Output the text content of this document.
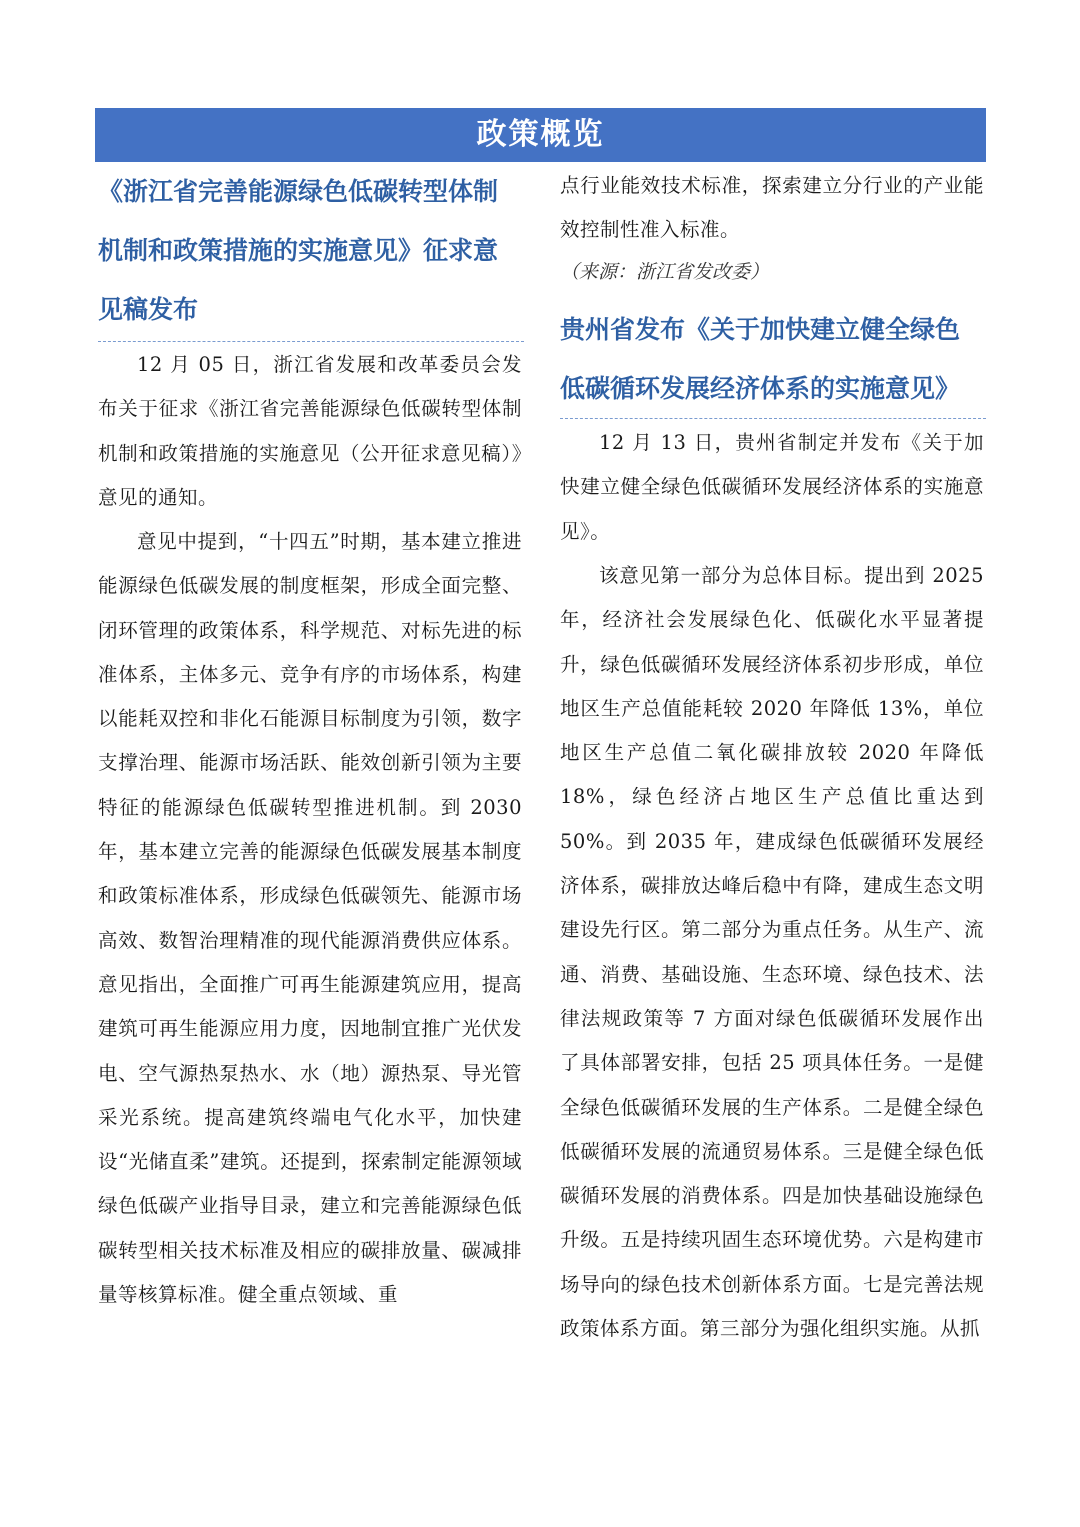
政策概览
《浙江省完善能源绿色低碳转型体制机制和政策措施的实施意见》征求意见稿发布

12 月 05 日，浙江省发展和改革委员会发布关于征求《浙江省完善能源绿色低碳转型体制机制和政策措施的实施意见（公开征求意见稿）》意见的通知。

意见中提到，“十四五”时期，基本建立推进能源绿色低碳发展的制度框架，形成全面完整、闭环管理的政策体系，科学规范、对标先进的标准体系，主体多元、竞争有序的市场体系，构建以能耗双控和非化石能源目标制度为引领，数字支撑治理、能源市场活跃、能效创新引领为主要特征的能源绿色低碳转型推进机制。到 2030 年，基本建立完善的能源绿色低碳发展基本制度和政策标准体系，形成绿色低碳领先、能源市场高效、数智治理精准的现代能源消费供应体系。意见指出，全面推广可再生能源建筑应用，提高建筑可再生能源应用力度，因地制宜推广光伏发电、空气源热泵热水、水（地）源热泵、导光管采光系统。提高建筑终端电气化水平，加快建设“光储直柔”建筑。还提到，探索制定能源领域绿色低碳产业指导目录，建立和完善能源绿色低碳转型相关技术标准及相应的碳排放量、碳减排量等核算标准。健全重点领域、重

点行业能效技术标准，探索建立分行业的产业能效控制性准入标准。

（来源：浙江省发改委）

贵州省发布《关于加快建立健全绿色低碳循环发展经济体系的实施意见》

12 月 13 日，贵州省制定并发布《关于加快建立健全绿色低碳循环发展经济体系的实施意见》。

该意见第一部分为总体目标。提出到 2025 年，经济社会发展绿色化、低碳化水平显著提升，绿色低碳循环发展经济体系初步形成，单位地区生产总值能耗较 2020 年降低 13%，单位地区生产总值二氧化碳排放较 2020 年降低 18%，绿色经济占地区生产总值比重达到 50%。到 2035 年，建成绿色低碳循环发展经济体系，碳排放达峰后稳中有降，建成生态文明建设先行区。第二部分为重点任务。从生产、流通、消费、基础设施、生态环境、绿色技术、法律法规政策等 7 方面对绿色低碳循环发展作出了具体部署安排，包括 25 项具体任务。一是健全绿色低碳循环发展的生产体系。二是健全绿色低碳循环发展的流通贸易体系。三是健全绿色低碳循环发展的消费体系。四是加快基础设施绿色升级。五是持续巩固生态环境优势。六是构建市场导向的绿色技术创新体系方面。七是完善法规政策体系方面。第三部分为强化组织实施。从抓
